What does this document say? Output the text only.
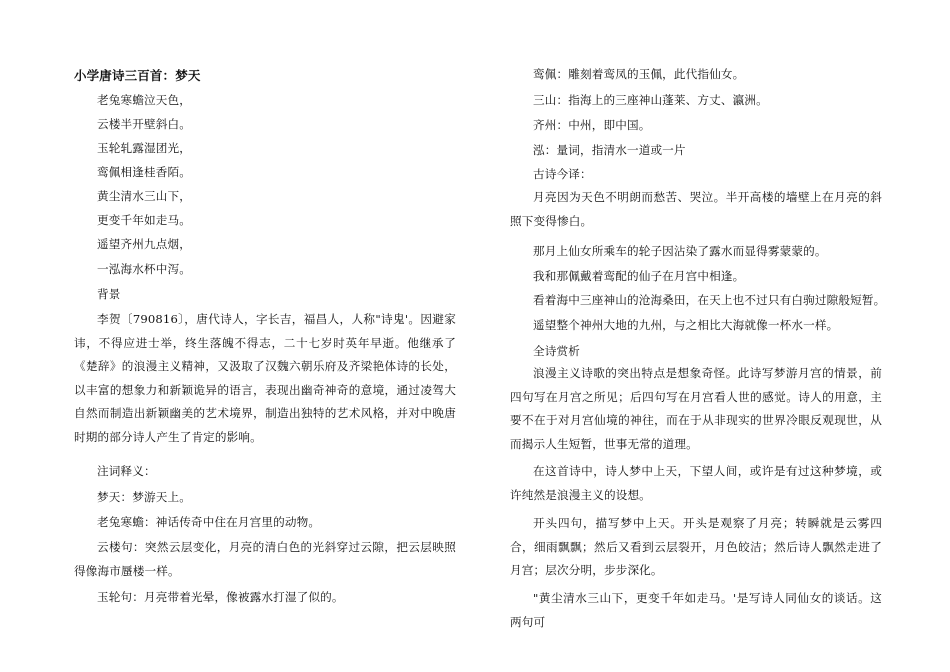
小学唐诗三百首：梦天
老兔寒蟾泣天色，
云楼半开壁斜白。
玉轮轧露湿团光，
鸾佩相逢桂香陌。
黄尘清水三山下，
更变千年如走马。
遥望齐州九点烟，
一泓海水杯中泻。
背景
李贺〔790816〕，唐代诗人，字长吉，福昌人，人称"诗鬼'。因避家讳，不得应进士举，终生落魄不得志，二十七岁时英年早逝。他继承了《楚辞》的浪漫主义精神，又汲取了汉魏六朝乐府及齐梁艳体诗的长处，以丰富的想象力和新颖诡异的语言，表现出幽奇神奇的意境，通过凌驾大自然而制造出新颖幽美的艺术境界，制造出独特的艺术风格，并对中晚唐时期的部分诗人产生了肯定的影响。
注词释义：
梦天：梦游天上。
老兔寒蟾：神话传奇中住在月宫里的动物。
云楼句：突然云层变化，月亮的清白色的光斜穿过云隙，把云层映照得像海市蜃楼一样。
玉轮句：月亮带着光晕，像被露水打湿了似的。
鸾佩：雕刻着鸾凤的玉佩，此代指仙女。
三山：指海上的三座神山蓬莱、方丈、瀛洲。
齐州：中州，即中国。
泓：量词，指清水一道或一片
古诗今译：
月亮因为天色不明朗而愁苦、哭泣。半开高楼的墙壁上在月亮的斜照下变得惨白。
那月上仙女所乘车的轮子因沾染了露水而显得雾蒙蒙的。
我和那佩戴着鸾配的仙子在月宫中相逢。
看着海中三座神山的沧海桑田，在天上也不过只有白驹过隙般短暂。
遥望整个神州大地的九州，与之相比大海就像一杯水一样。
全诗赏析
浪漫主义诗歌的突出特点是想象奇怪。此诗写梦游月宫的情景，前四句写在月宫之所见；后四句写在月宫看人世的感觉。诗人的用意，主要不在于对月宫仙境的神往，而在于从非现实的世界冷眼反观现世，从而揭示人生短暂，世事无常的道理。
在这首诗中，诗人梦中上天，下望人间，或许是有过这种梦境，或许纯然是浪漫主义的设想。
开头四句，描写梦中上天。开头是观察了月亮；转瞬就是云雾四合，细雨飘飘；然后又看到云层裂开，月色皎洁；然后诗人飘然走进了月宫；层次分明，步步深化。
"黄尘清水三山下，更变千年如走马。'是写诗人同仙女的谈话。这两句可
